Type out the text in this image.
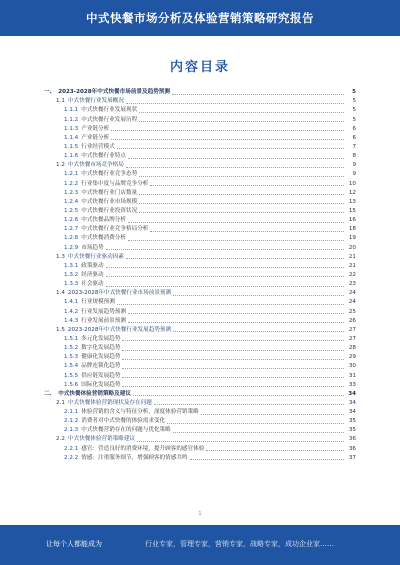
中式快餐市场分析及体验营销策略研究报告
内容目录
一、 2023-2028年中式快餐市场前景及趋势预测	5
1.1 中式快餐行业发展概况	5
1.1.1 中式快餐行业发展现状	5
1.1.2 中式快餐行业发展历程	5
1.1.3 产业链分析	6
1.1.4 产业链分析	6
1.1.5 行业经营模式	7
1.1.6 中式快餐行业特点	8
1.2 中式快餐市场竞争格局	9
1.2.1 中式快餐行业竞争态势	9
1.2.2 行业集中度与品牌竞争分析	10
1.2.3 中式快餐行业门店数量	12
1.2.4 中式快餐行业市场规模	13
1.2.5 中式快餐行业投资状况	15
1.2.6 中式快餐品牌分析	16
1.2.7 中式快餐行业竞争格局分析	18
1.2.8 中式快餐消费分析	19
1.2.9 市场趋势	20
1.3 中式快餐行业驱动因素	21
1.3.1 政策驱动	21
1.3.2 经济驱动	22
1.3.3 社会驱动	23
1.4 2023-2028年中式快餐行业市场前景预测	24
1.4.1 行业规模预测	24
1.4.2 行业发展趋势预测	25
1.4.3 行业发展前景预测	26
1.5 2023-2028年中式快餐行业发展趋势预测	27
1.5.1 多元化发展趋势	27
1.5.2 数字化发展趋势	28
1.5.3 健康化发展趋势	29
1.5.4 品牌连锁化趋势	30
1.5.5 供应链发展趋势	31
1.5.6 国际化发展趋势	33
二、 中式快餐体验营销策略及建议	34
2.1 中式快餐体验营销现状及存在问题	34
2.1.1 体验营销的含义与特征分析，深度体验营销策略	34
2.1.2 消费者对中式快餐的体验需求变化	35
2.1.3 中式快餐营销存在的问题与优化策略	35
2.2 中式快餐体验营销策略建议	36
2.2.1 感官：营造良好的消费环境，提升顾客的感官体验	36
2.2.2 情感：注重服务细节，增强顾客的情感共鸣	37
1
让每个人都能成为	行业专家，管理专家，营销专家，战略专家，成功企业家……
